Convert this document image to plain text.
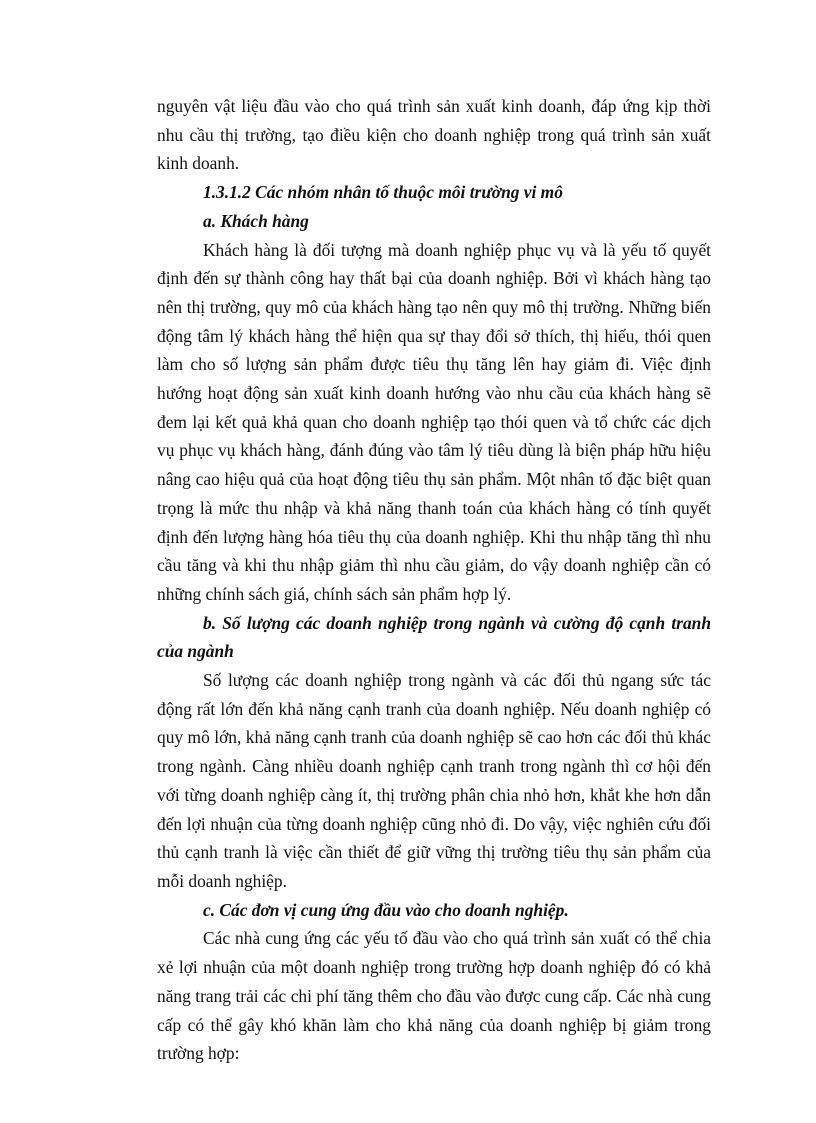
nguyên vật liệu đầu vào cho quá trình sản xuất kinh doanh, đáp ứng kịp thời nhu cầu thị trường, tạo điều kiện cho doanh nghiệp trong quá trình sản xuất kinh doanh.

1.3.1.2 Các nhóm nhân tố thuộc môi trường vi mô

a. Khách hàng

Khách hàng là đối tượng mà doanh nghiệp phục vụ và là yếu tố quyết định đến sự thành công hay thất bại của doanh nghiệp. Bởi vì khách hàng tạo nên thị trường, quy mô của khách hàng tạo nên quy mô thị trường. Những biến động tâm lý khách hàng thể hiện qua sự thay đổi sở thích, thị hiếu, thói quen làm cho số lượng sản phẩm được tiêu thụ tăng lên hay giảm đi. Việc định hướng hoạt động sản xuất kinh doanh hướng vào nhu cầu của khách hàng sẽ đem lại kết quả khả quan cho doanh nghiệp tạo thói quen và tổ chức các dịch vụ phục vụ khách hàng, đánh đúng vào tâm lý tiêu dùng là biện pháp hữu hiệu nâng cao hiệu quả của hoạt động tiêu thụ sản phẩm. Một nhân tố đặc biệt quan trọng là mức thu nhập và khả năng thanh toán của khách hàng có tính quyết định đến lượng hàng hóa tiêu thụ của doanh nghiệp. Khi thu nhập tăng thì nhu cầu tăng và khi thu nhập giảm thì nhu cầu giảm, do vậy doanh nghiệp cần có những chính sách giá, chính sách sản phẩm hợp lý.

b. Số lượng các doanh nghiệp trong ngành và cường độ cạnh tranh của ngành

Số lượng các doanh nghiệp trong ngành và các đối thủ ngang sức tác động rất lớn đến khả năng cạnh tranh của doanh nghiệp. Nếu doanh nghiệp có quy mô lớn, khả năng cạnh tranh của doanh nghiệp sẽ cao hơn các đối thủ khác trong ngành. Càng nhiều doanh nghiệp cạnh tranh trong ngành thì cơ hội đến với từng doanh nghiệp càng ít, thị trường phân chia nhỏ hơn, khắt khe hơn dẫn đến lợi nhuận của từng doanh nghiệp cũng nhỏ đi. Do vậy, việc nghiên cứu đối thủ cạnh tranh là việc cần thiết để giữ vững thị trường tiêu thụ sản phẩm của mỗi doanh nghiệp.

c. Các đơn vị cung ứng đầu vào cho doanh nghiệp.

Các nhà cung ứng các yếu tố đầu vào cho quá trình sản xuất có thể chia xẻ lợi nhuận của một doanh nghiệp trong trường hợp doanh nghiệp đó có khả năng trang trải các chi phí tăng thêm cho đầu vào được cung cấp. Các nhà cung cấp có thể gây khó khăn làm cho khả năng của doanh nghiệp bị giảm trong trường hợp:
